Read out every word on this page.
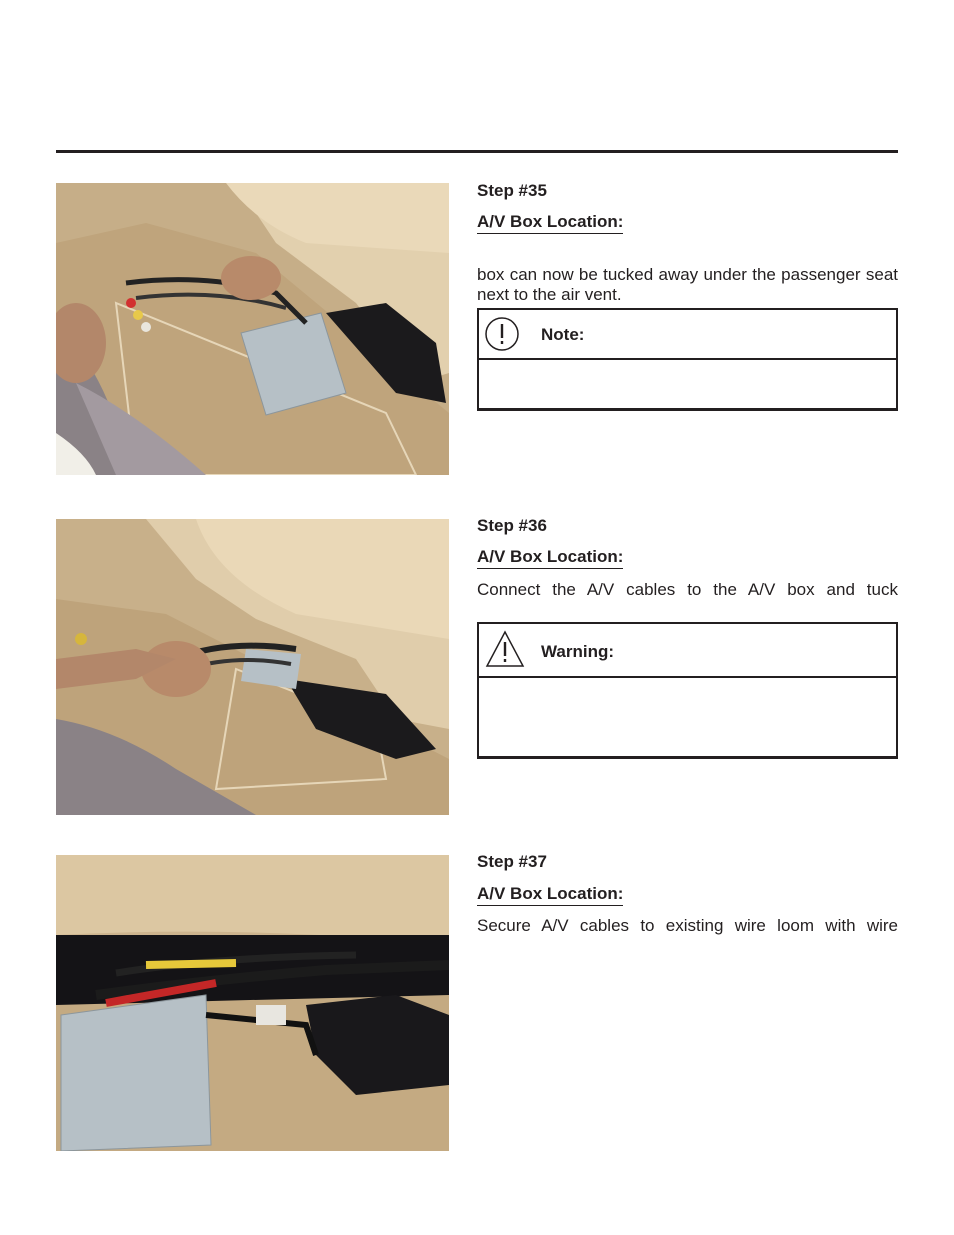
Step #35
A/V Box Location:
box can now be tucked away under the passenger seat next to the air vent.
Note:
Step #36
A/V Box Location:
Connect the A/V cables to the A/V box and tuck
Warning:
Step #37
A/V Box Location:
Secure A/V cables to existing wire loom with wire
